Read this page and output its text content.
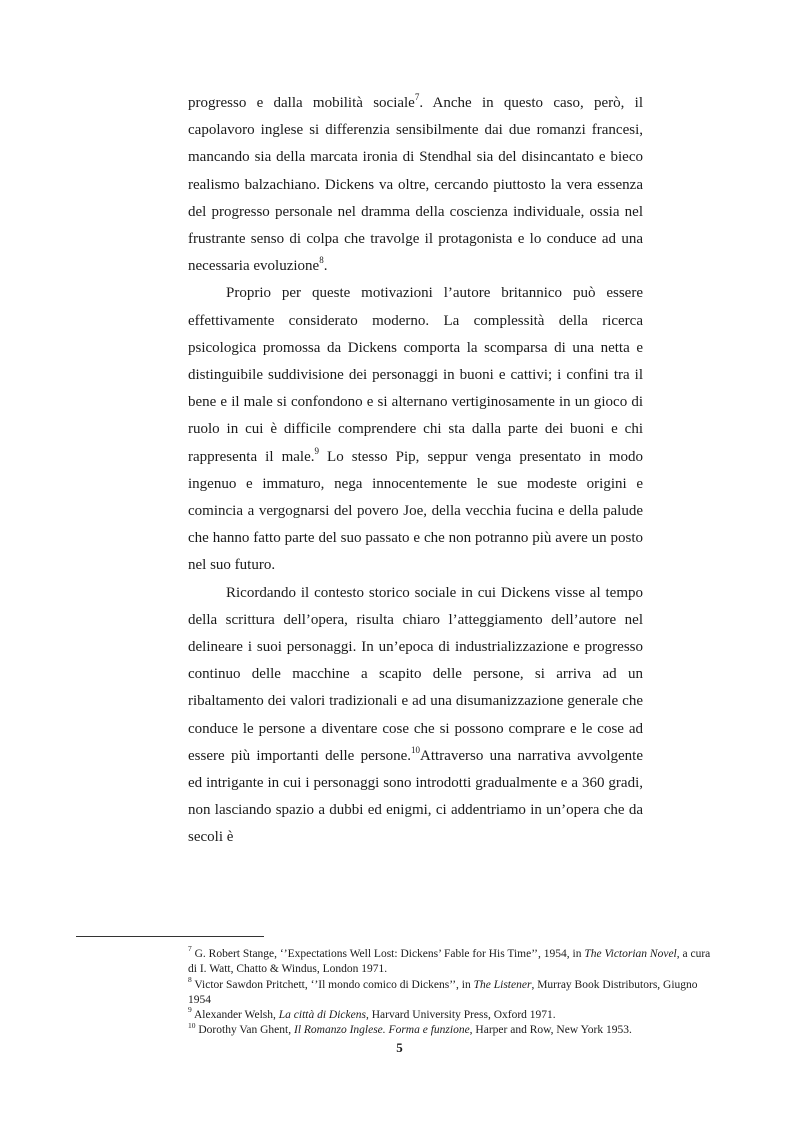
progresso e dalla mobilità sociale$^7$. Anche in questo caso, però, il capolavoro inglese si differenzia sensibilmente dai due romanzi francesi, mancando sia della marcata ironia di Stendhal sia del disincantato e bieco realismo balzachiano. Dickens va oltre, cercando piuttosto la vera essenza del progresso personale nel dramma della coscienza individuale, ossia nel frustrante senso di colpa che travolge il protagonista e lo conduce ad una necessaria evoluzione$^8$.

Proprio per queste motivazioni l’autore britannico può essere effettivamente considerato moderno. La complessità della ricerca psicologica promossa da Dickens comporta la scomparsa di una netta e distinguibile suddivisione dei personaggi in buoni e cattivi; i confini tra il bene e il male si confondono e si alternano vertiginosamente in un gioco di ruolo in cui è difficile comprendere chi sta dalla parte dei buoni e chi rappresenta il male.$^9$ Lo stesso Pip, seppur venga presentato in modo ingenuo e immaturo, nega innocentemente le sue modeste origini e comincia a vergognarsi del povero Joe, della vecchia fucina e della palude che hanno fatto parte del suo passato e che non potranno più avere un posto nel suo futuro.

Ricordando il contesto storico sociale in cui Dickens visse al tempo della scrittura dell’opera, risulta chiaro l’atteggiamento dell’autore nel delineare i suoi personaggi. In un’epoca di industrializzazione e progresso continuo delle macchine a scapito delle persone, si arriva ad un ribaltamento dei valori tradizionali e ad una disumanizzazione generale che conduce le persone a diventare cose che si possono comprare e le cose ad essere più importanti delle persone.$^{10}$Attraverso una narrativa avvolgente ed intrigante in cui i personaggi sono introdotti gradualmente e a 360 gradi, non lasciando spazio a dubbi ed enigmi, ci addentriamo in un’opera che da secoli è

$^7$ G. Robert Stange, ‘’Expectations Well Lost: Dickens’ Fable for His Time’’, 1954, in The Victorian Novel, a cura di I. Watt, Chatto & Windus, London 1971.

$^8$ Victor Sawdon Pritchett, ‘’Il mondo comico di Dickens’’, in The Listener, Murray Book Distributors, Giugno 1954

$^9$ Alexander Welsh, La città di Dickens, Harvard University Press, Oxford 1971.

$^{10}$ Dorothy Van Ghent, Il Romanzo Inglese. Forma e funzione, Harper and Row, New York 1953.

5
